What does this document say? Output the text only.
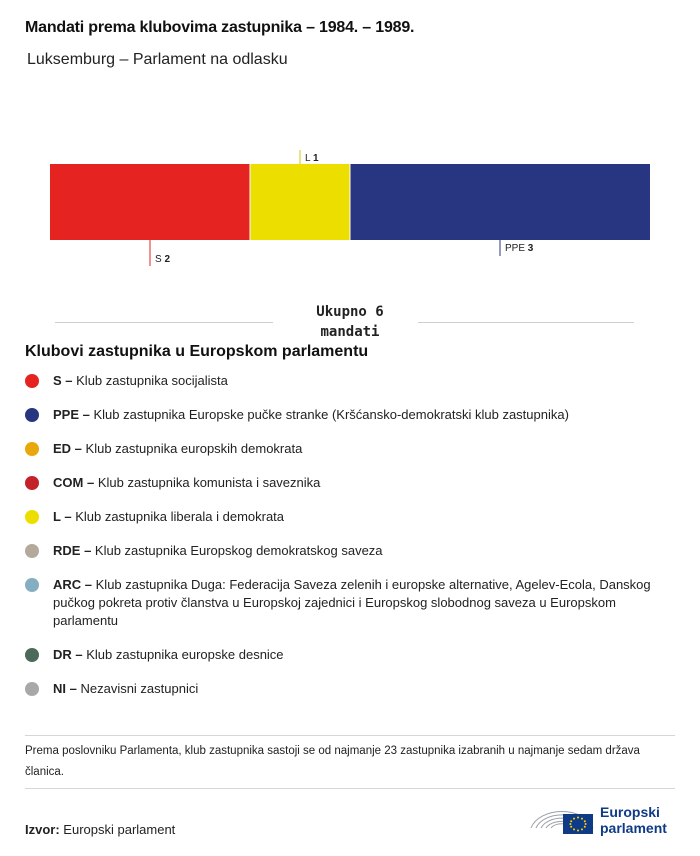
Mandati prema klubovima zastupnika – 1984. – 1989.
Luksemburg – Parlament na odlasku
S 2
L 1
PPE 3
Ukupno 6 mandati
Klubovi zastupnika u Europskom parlamentu
S – Klub zastupnika socijalista
PPE – Klub zastupnika Europske pučke stranke (Kršćansko-demokratski klub zastupnika)
ED – Klub zastupnika europskih demokrata
COM – Klub zastupnika komunista i saveznika
L – Klub zastupnika liberala i demokrata
RDE – Klub zastupnika Europskog demokratskog saveza
ARC – Klub zastupnika Duga: Federacija Saveza zelenih i europske alternative, Agelev-Ecola, Danskog pučkog pokreta protiv članstva u Europskoj zajednici i Europskog slobodnog saveza u Europskom parlamentu
DR – Klub zastupnika europske desnice
NI – Nezavisni zastupnici
Prema poslovniku Parlamenta, klub zastupnika sastoji se od najmanje 23 zastupnika izabranih u najmanje sedam država članica.
Izvor: Europski parlament
Europski
parlament
